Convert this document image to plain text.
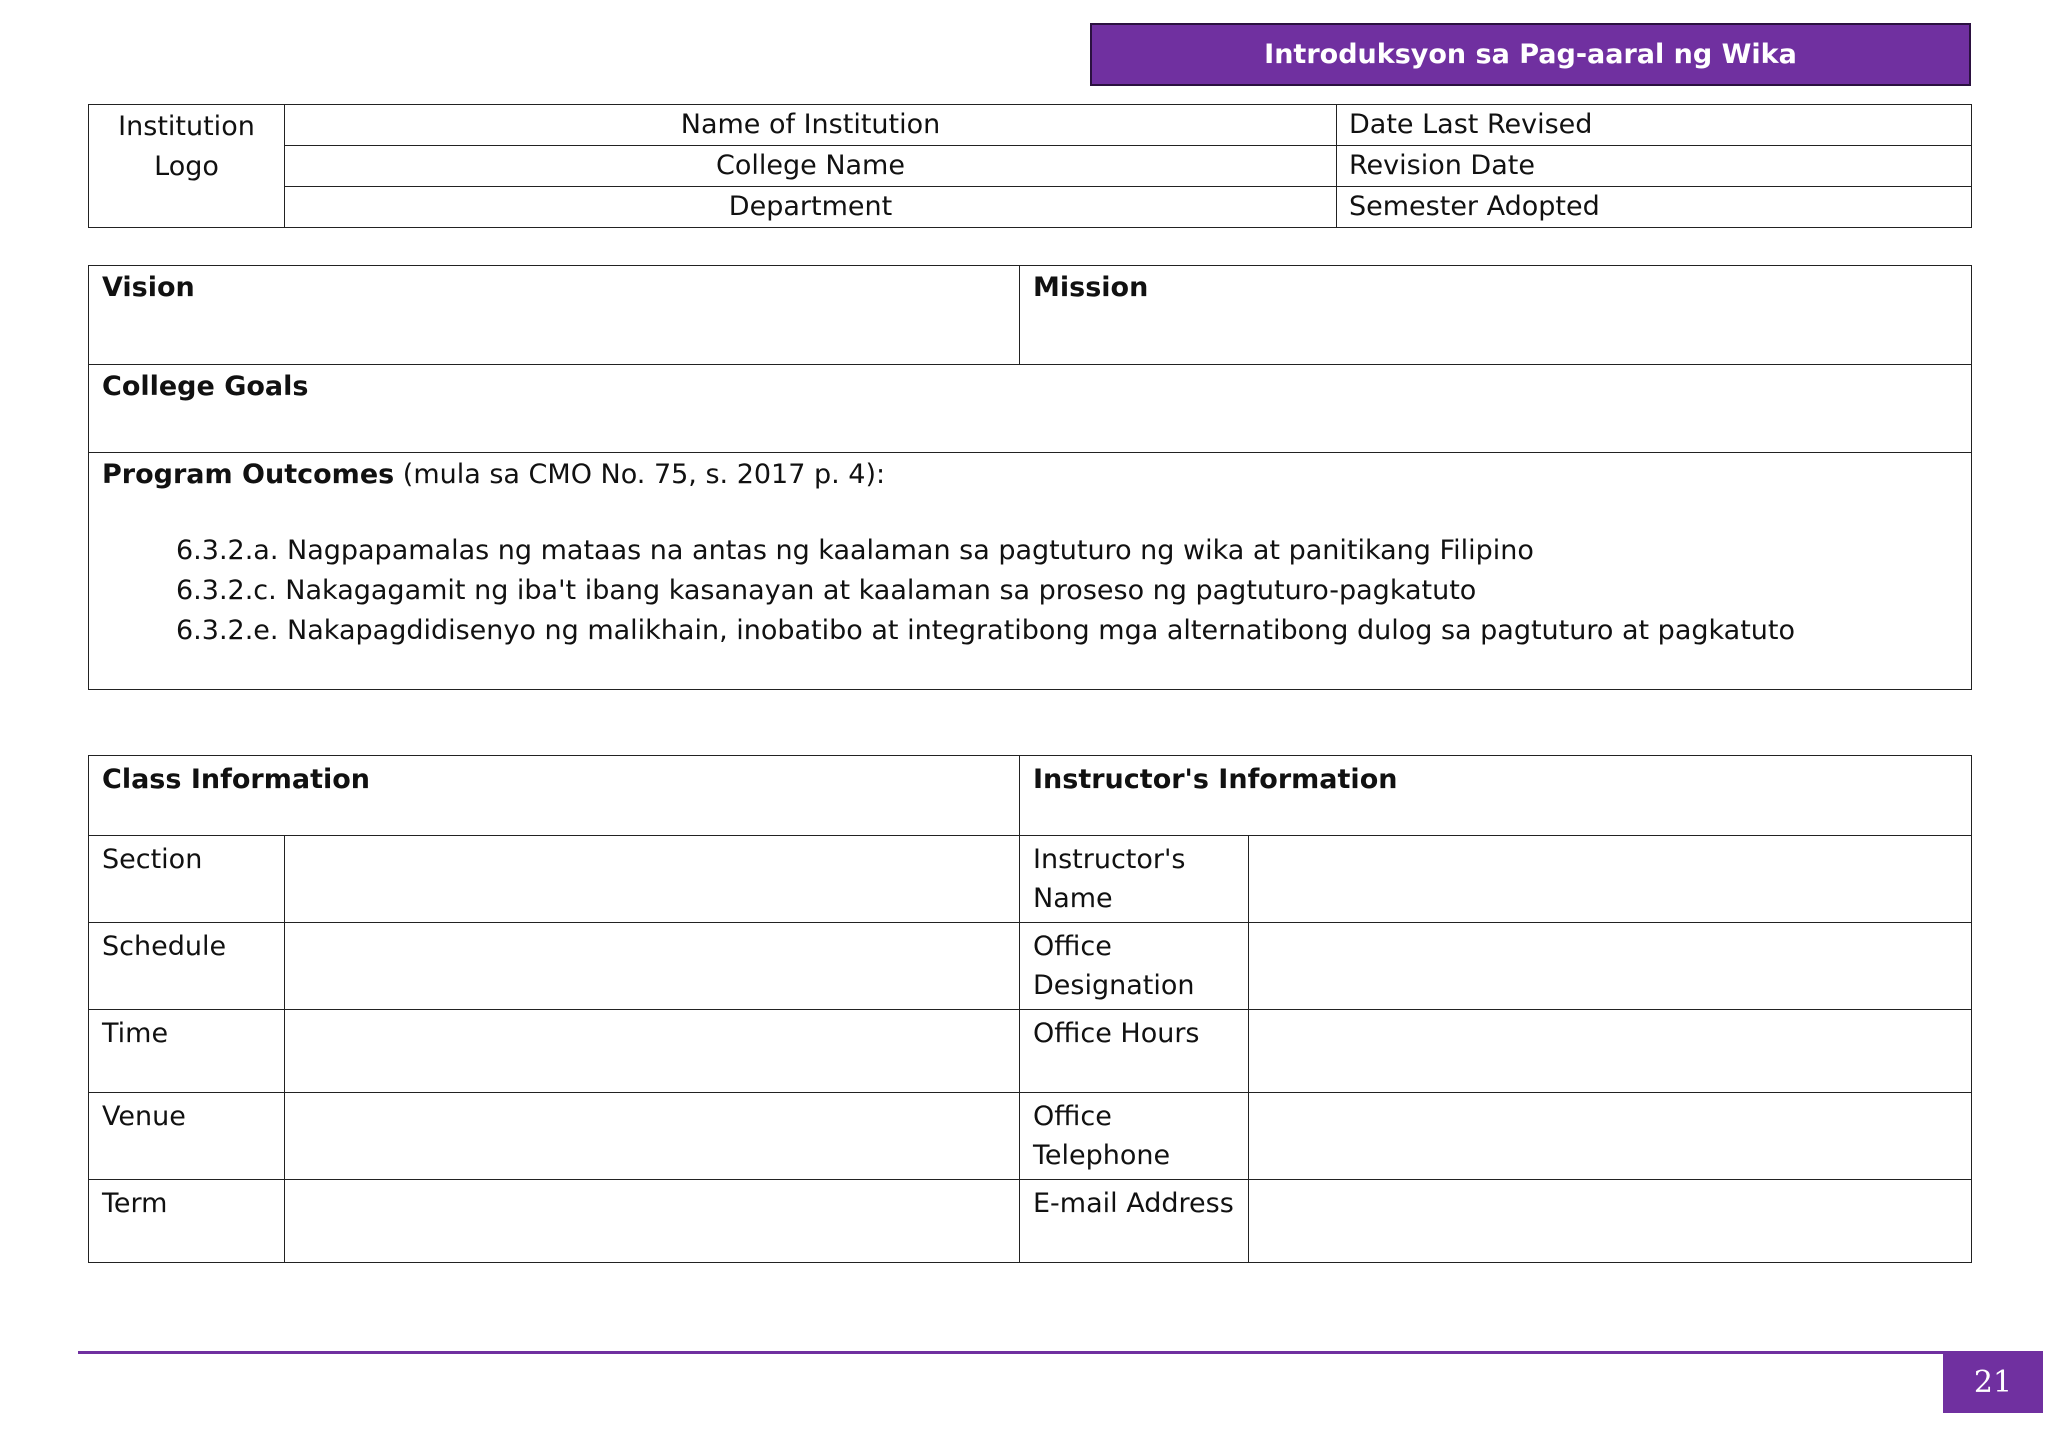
Introduksyon sa Pag-aaral ng Wika
Institution Logo	Name of Institution	Date Last Revised
	College Name	Revision Date
	Department	Semester Adopted
Vision	Mission
College Goals
Program Outcomes (mula sa CMO No. 75, s. 2017 p. 4):
6.3.2.a. Nagpapamalas ng mataas na antas ng kaalaman sa pagtuturo ng wika at panitikang Filipino
6.3.2.c. Nakagagamit ng iba't ibang kasanayan at kaalaman sa proseso ng pagtuturo-pagkatuto
6.3.2.e. Nakapagdidisenyo ng malikhain, inobatibo at integratibong mga alternatibong dulog sa pagtuturo at pagkatuto
Class Information		Instructor's Information	
Section		Instructor's Name	
Schedule		Office Designation	
Time		Office Hours	
Venue		Office Telephone	
Term		E-mail Address	
21
